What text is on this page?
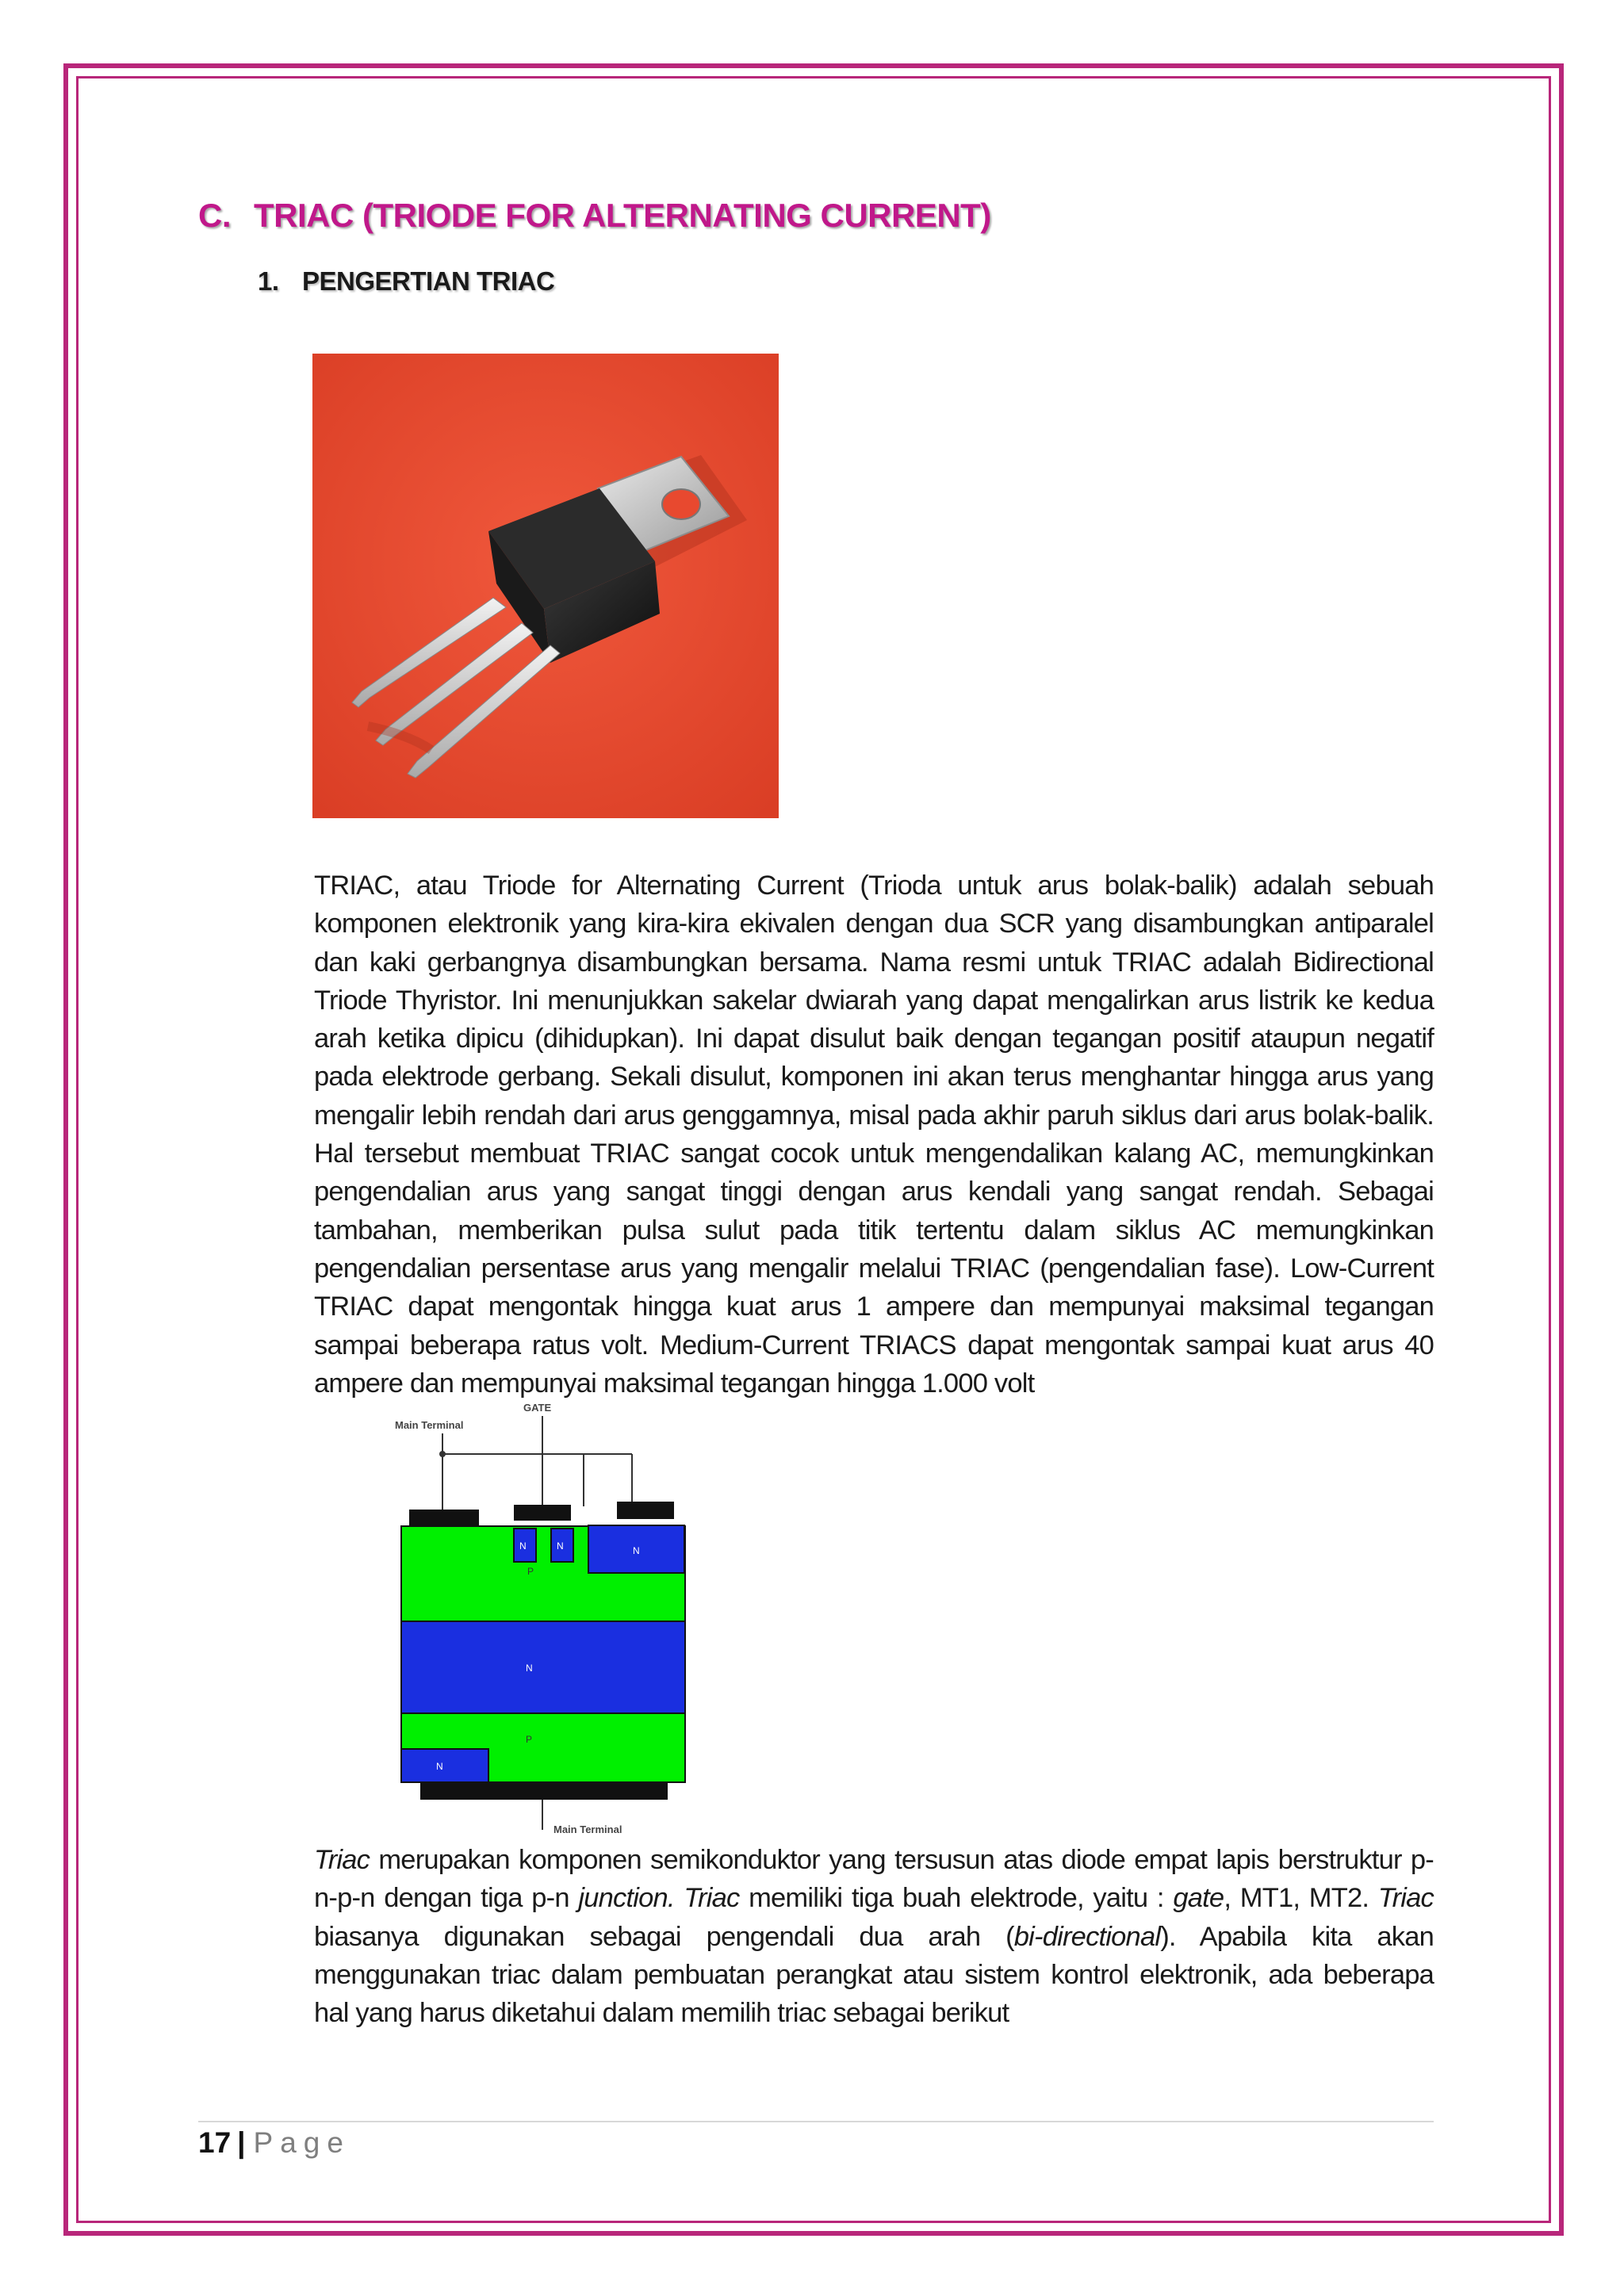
C. TRIAC (TRIODE FOR ALTERNATING CURRENT)
1. PENGERTIAN TRIAC
TRIAC, atau Triode for Alternating Current (Trioda untuk arus bolak-balik) adalah sebuah komponen elektronik yang kira-kira ekivalen dengan dua SCR yang disambungkan antiparalel dan kaki gerbangnya disambungkan bersama. Nama resmi untuk TRIAC adalah Bidirectional Triode Thyristor. Ini menunjukkan sakelar dwiarah yang dapat mengalirkan arus listrik ke kedua arah ketika dipicu (dihidupkan). Ini dapat disulut baik dengan tegangan positif ataupun negatif pada elektrode gerbang. Sekali disulut, komponen ini akan terus menghantar hingga arus yang mengalir lebih rendah dari arus genggamnya, misal pada akhir paruh siklus dari arus bolak-balik. Hal tersebut membuat TRIAC sangat cocok untuk mengendalikan kalang AC, memungkinkan pengendalian arus yang sangat tinggi dengan arus kendali yang sangat rendah. Sebagai tambahan, memberikan pulsa sulut pada titik tertentu dalam siklus AC memungkinkan pengendalian persentase arus yang mengalir melalui TRIAC (pengendalian fase). Low-Current TRIAC dapat mengontak hingga kuat arus 1 ampere dan mempunyai maksimal tegangan sampai beberapa ratus volt. Medium-Current TRIACS dapat mengontak sampai kuat arus 40 ampere dan mempunyai maksimal tegangan hingga 1.000 volt
GATE
Main Terminal
N	N	N
P
N
P
N
Main Terminal
Triac merupakan komponen semikonduktor yang tersusun atas diode empat lapis berstruktur p-n-p-n dengan tiga p-n junction. Triac memiliki tiga buah elektrode, yaitu : gate, MT1, MT2. Triac biasanya digunakan sebagai pengendali dua arah (bi-directional). Apabila kita akan menggunakan triac dalam pembuatan perangkat atau sistem kontrol elektronik, ada beberapa hal yang harus diketahui dalam memilih triac sebagai berikut
17 | Page
